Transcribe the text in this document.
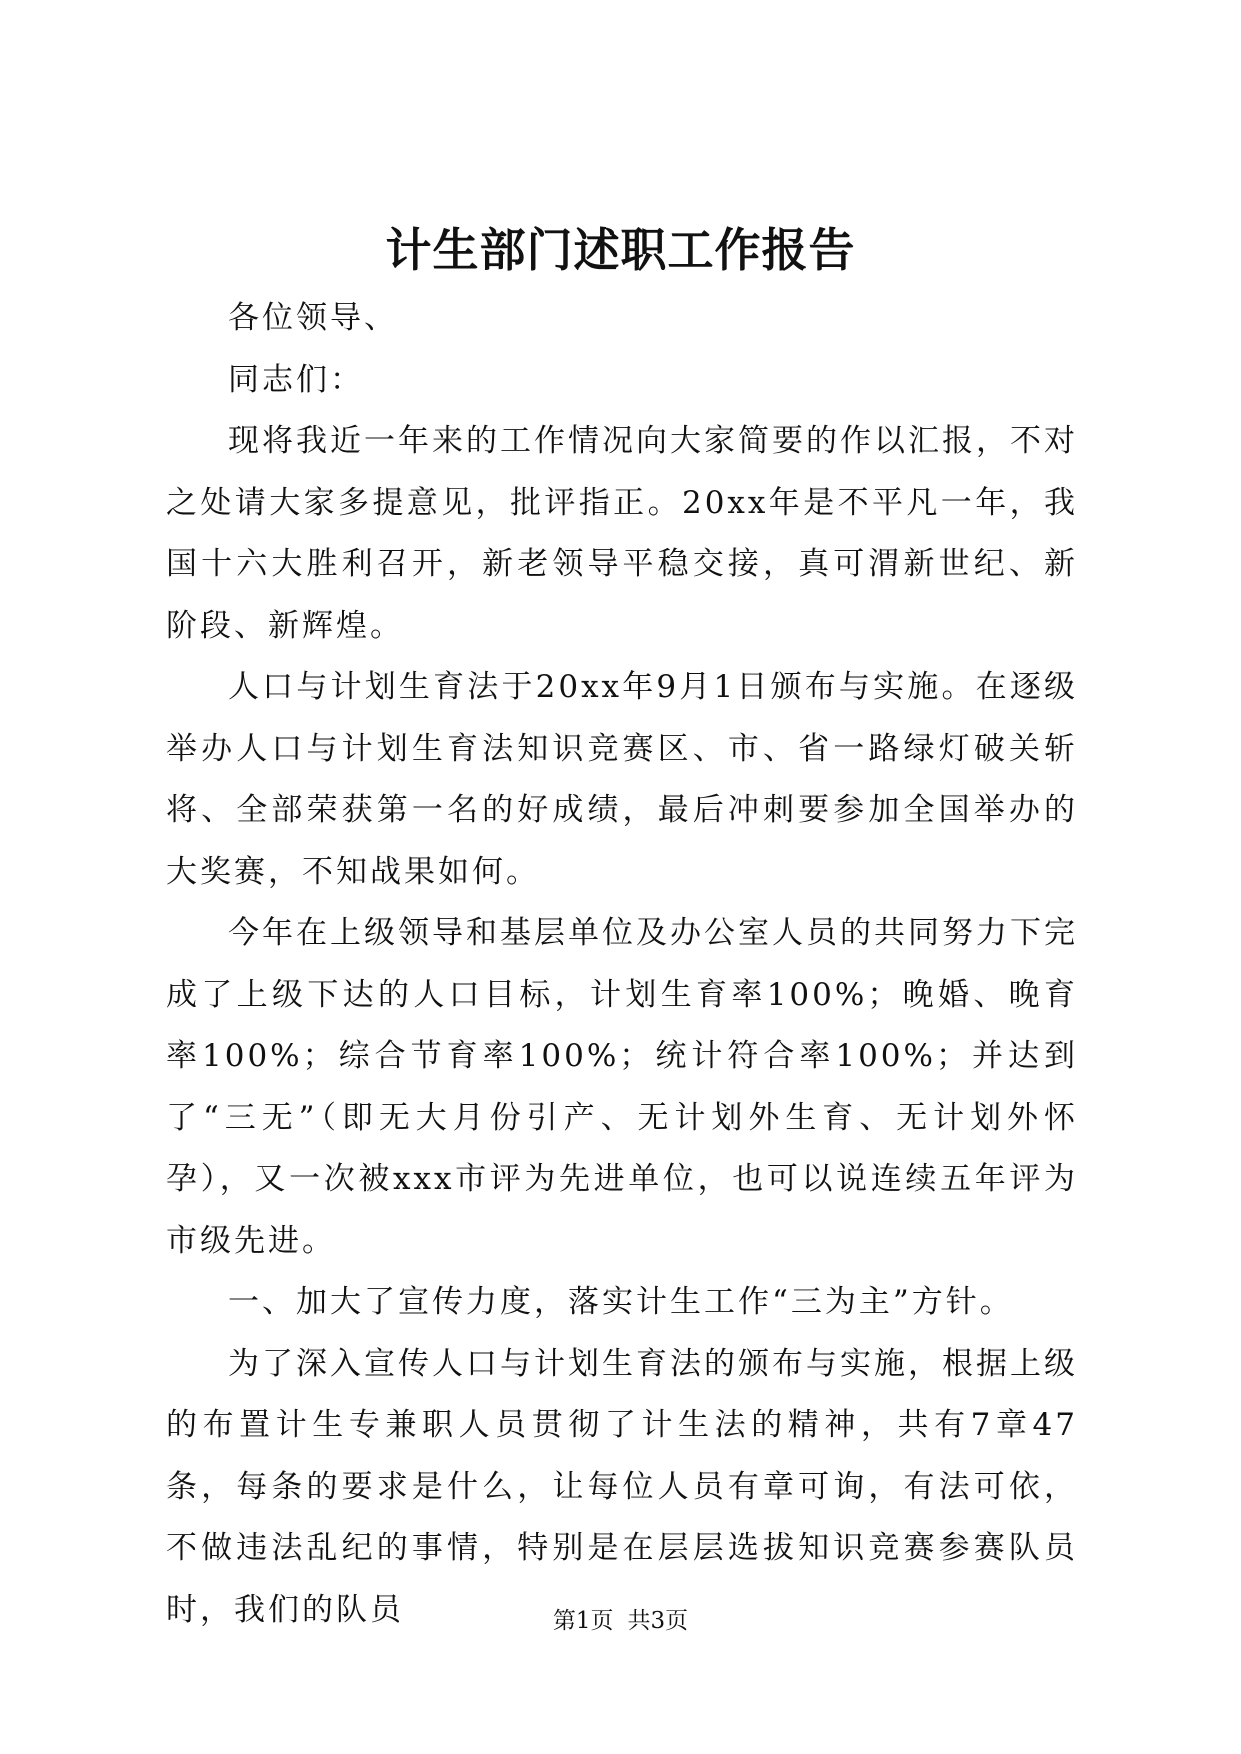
计生部门述职工作报告

各位领导、

同志们：

现将我近一年来的工作情况向大家简要的作以汇报，不对之处请大家多提意见，批评指正。20xx年是不平凡一年，我国十六大胜利召开，新老领导平稳交接，真可渭新世纪、新阶段、新辉煌。

人口与计划生育法于20xx年9月1日颁布与实施。在逐级举办人口与计划生育法知识竞赛区、市、省一路绿灯破关斩将、全部荣获第一名的好成绩，最后冲刺要参加全国举办的大奖赛，不知战果如何。

今年在上级领导和基层单位及办公室人员的共同努力下完成了上级下达的人口目标，计划生育率100%；晚婚、晚育率100%；综合节育率100%；统计符合率100%；并达到了“三无”（即无大月份引产、无计划外生育、无计划外怀孕），又一次被xxx市评为先进单位，也可以说连续五年评为市级先进。

一、加大了宣传力度，落实计生工作“三为主”方针。

为了深入宣传人口与计划生育法的颁布与实施，根据上级的布置计生专兼职人员贯彻了计生法的精神，共有7章47条，每条的要求是什么，让每位人员有章可询，有法可依，不做违法乱纪的事情，特别是在层层选拔知识竞赛参赛队员时，我们的队员	第1页 共3页
